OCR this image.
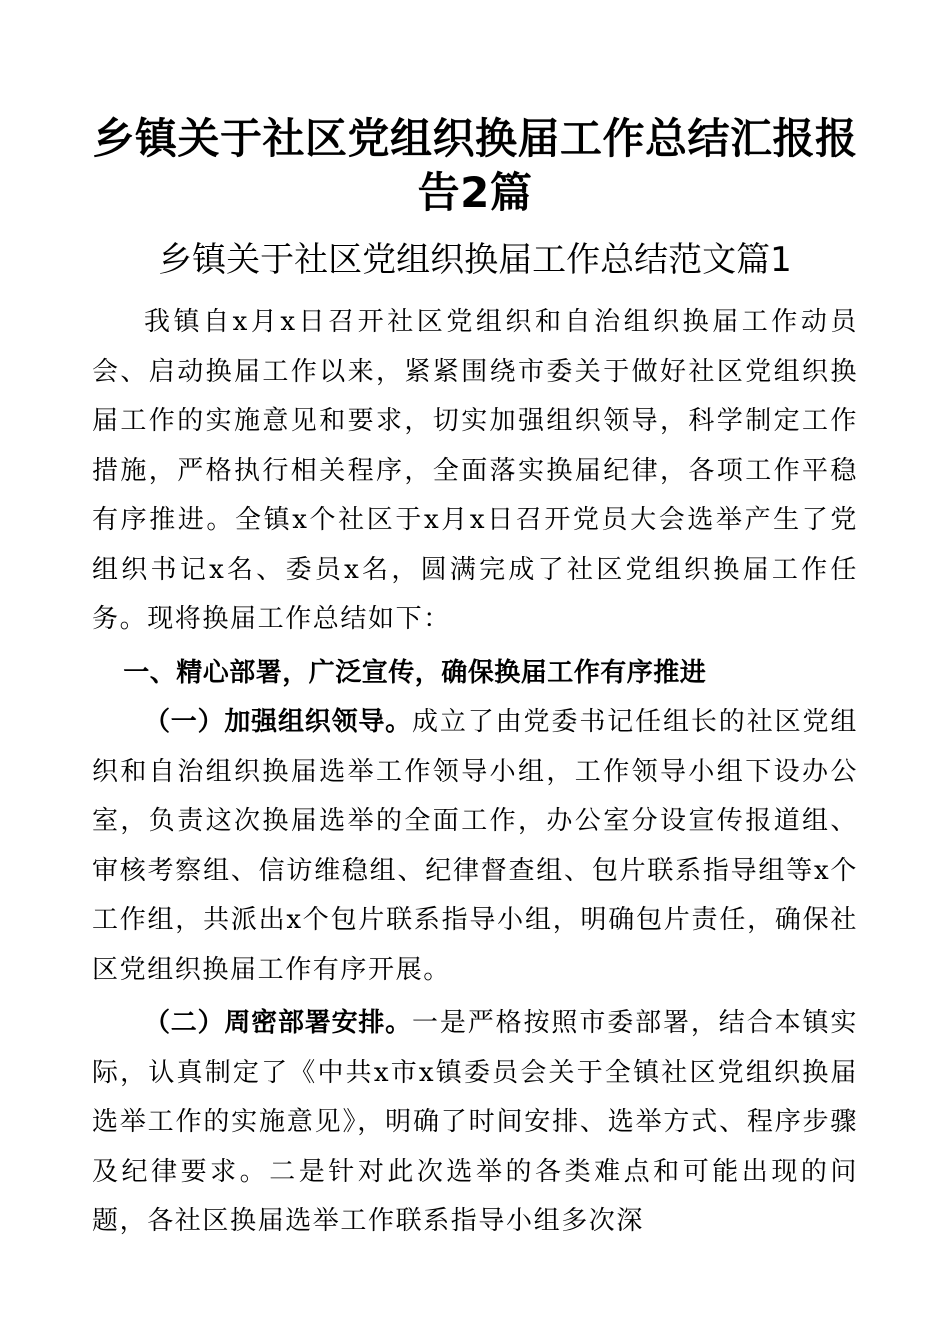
乡镇关于社区党组织换届工作总结汇报报告2篇
乡镇关于社区党组织换届工作总结范文篇1

我镇自x月x日召开社区党组织和自治组织换届工作动员会、启动换届工作以来，紧紧围绕市委关于做好社区党组织换届工作的实施意见和要求，切实加强组织领导，科学制定工作措施，严格执行相关程序，全面落实换届纪律，各项工作平稳有序推进。全镇x个社区于x月x日召开党员大会选举产生了党组织书记x名、委员x名，圆满完成了社区党组织换届工作任务。现将换届工作总结如下：

一、精心部署，广泛宣传，确保换届工作有序推进

（一）加强组织领导。成立了由党委书记任组长的社区党组织和自治组织换届选举工作领导小组，工作领导小组下设办公室，负责这次换届选举的全面工作，办公室分设宣传报道组、审核考察组、信访维稳组、纪律督查组、包片联系指导组等x个工作组，共派出x个包片联系指导小组，明确包片责任，确保社区党组织换届工作有序开展。

（二）周密部署安排。一是严格按照市委部署，结合本镇实际，认真制定了《中共x市x镇委员会关于全镇社区党组织换届选举工作的实施意见》，明确了时间安排、选举方式、程序步骤及纪律要求。二是针对此次选举的各类难点和可能出现的问题，各社区换届选举工作联系指导小组多次深
